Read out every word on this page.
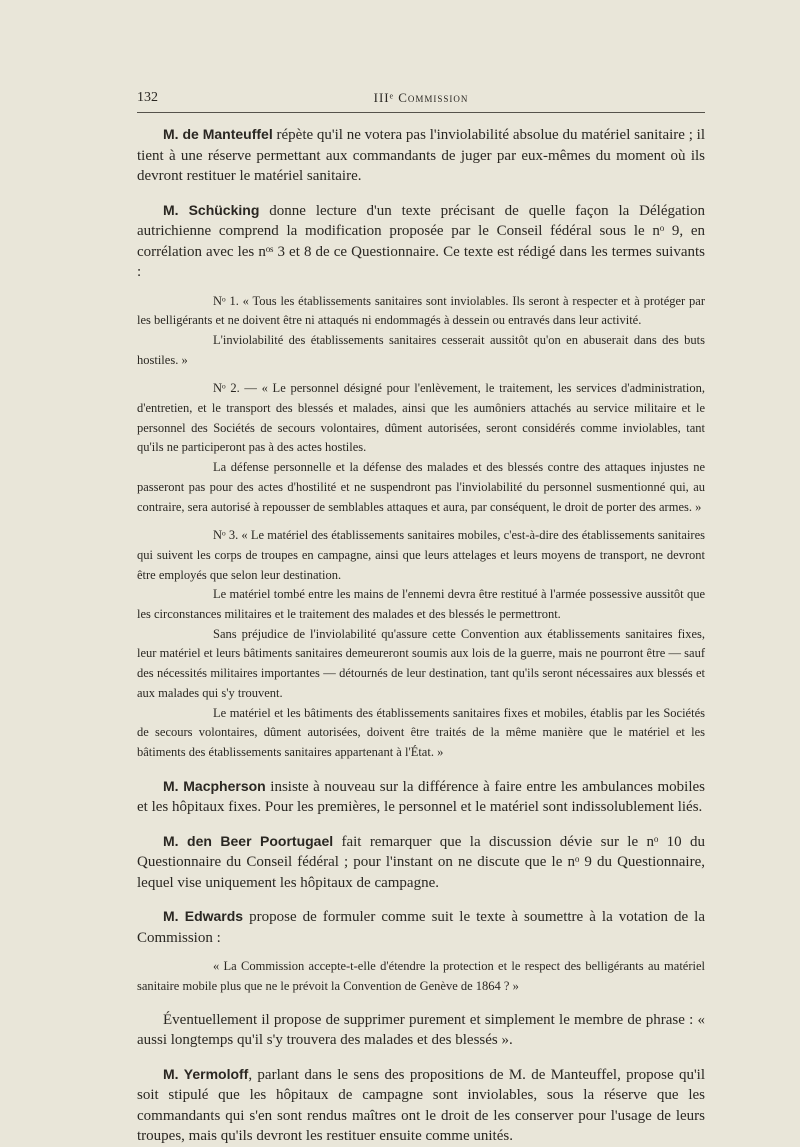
132	IIIᵉ Commission

M. de Manteuffel répète qu'il ne votera pas l'inviolabilité absolue du matériel sanitaire ; il tient à une réserve permettant aux commandants de juger par eux-mêmes du moment où ils devront restituer le matériel sanitaire.

M. Schücking donne lecture d'un texte précisant de quelle façon la Délégation autrichienne comprend la modification proposée par le Conseil fédéral sous le nᵒ 9, en corrélation avec les nᵒˢ 3 et 8 de ce Questionnaire. Ce texte est rédigé dans les termes suivants :

Nᵒ 1. « Tous les établissements sanitaires sont inviolables. Ils seront à respecter et à protéger par les belligérants et ne doivent être ni attaqués ni endommagés à dessein ou entravés dans leur activité.

L'inviolabilité des établissements sanitaires cesserait aussitôt qu'on en abuserait dans des buts hostiles. »

Nᵒ 2. — « Le personnel désigné pour l'enlèvement, le traitement, les services d'administration, d'entretien, et le transport des blessés et malades, ainsi que les aumôniers attachés au service militaire et le personnel des Sociétés de secours volontaires, dûment autorisées, seront considérés comme inviolables, tant qu'ils ne participeront pas à des actes hostiles.

La défense personnelle et la défense des malades et des blessés contre des attaques injustes ne passeront pas pour des actes d'hostilité et ne suspendront pas l'inviolabilité du personnel susmentionné qui, au contraire, sera autorisé à repousser de semblables attaques et aura, par conséquent, le droit de porter des armes. »

Nᵒ 3. « Le matériel des établissements sanitaires mobiles, c'est-à-dire des établissements sanitaires qui suivent les corps de troupes en campagne, ainsi que leurs attelages et leurs moyens de transport, ne devront être employés que selon leur destination.

Le matériel tombé entre les mains de l'ennemi devra être restitué à l'armée possessive aussitôt que les circonstances militaires et le traitement des malades et des blessés le permettront.

Sans préjudice de l'inviolabilité qu'assure cette Convention aux établissements sanitaires fixes, leur matériel et leurs bâtiments sanitaires demeureront soumis aux lois de la guerre, mais ne pourront être — sauf des nécessités militaires importantes — détournés de leur destination, tant qu'ils seront nécessaires aux blessés et aux malades qui s'y trouvent.

Le matériel et les bâtiments des établissements sanitaires fixes et mobiles, établis par les Sociétés de secours volontaires, dûment autorisées, doivent être traités de la même manière que le matériel et les bâtiments des établissements sanitaires appartenant à l'État. »

M. Macpherson insiste à nouveau sur la différence à faire entre les ambulances mobiles et les hôpitaux fixes. Pour les premières, le personnel et le matériel sont indissolublement liés.

M. den Beer Poortugael fait remarquer que la discussion dévie sur le nᵒ 10 du Questionnaire du Conseil fédéral ; pour l'instant on ne discute que le nᵒ 9 du Questionnaire, lequel vise uniquement les hôpitaux de campagne.

M. Edwards propose de formuler comme suit le texte à soumettre à la votation de la Commission :

« La Commission accepte-t-elle d'étendre la protection et le respect des belligérants au matériel sanitaire mobile plus que ne le prévoit la Convention de Genève de 1864 ? »

Éventuellement il propose de supprimer purement et simplement le membre de phrase : « aussi longtemps qu'il s'y trouvera des malades et des blessés ».

M. Yermoloff, parlant dans le sens des propositions de M. de Manteuffel, propose qu'il soit stipulé que les hôpitaux de campagne sont inviolables, sous la réserve que les commandants qui s'en sont rendus maîtres ont le droit de les conserver pour l'usage de leurs troupes, mais qu'ils devront les restituer ensuite comme unités.
